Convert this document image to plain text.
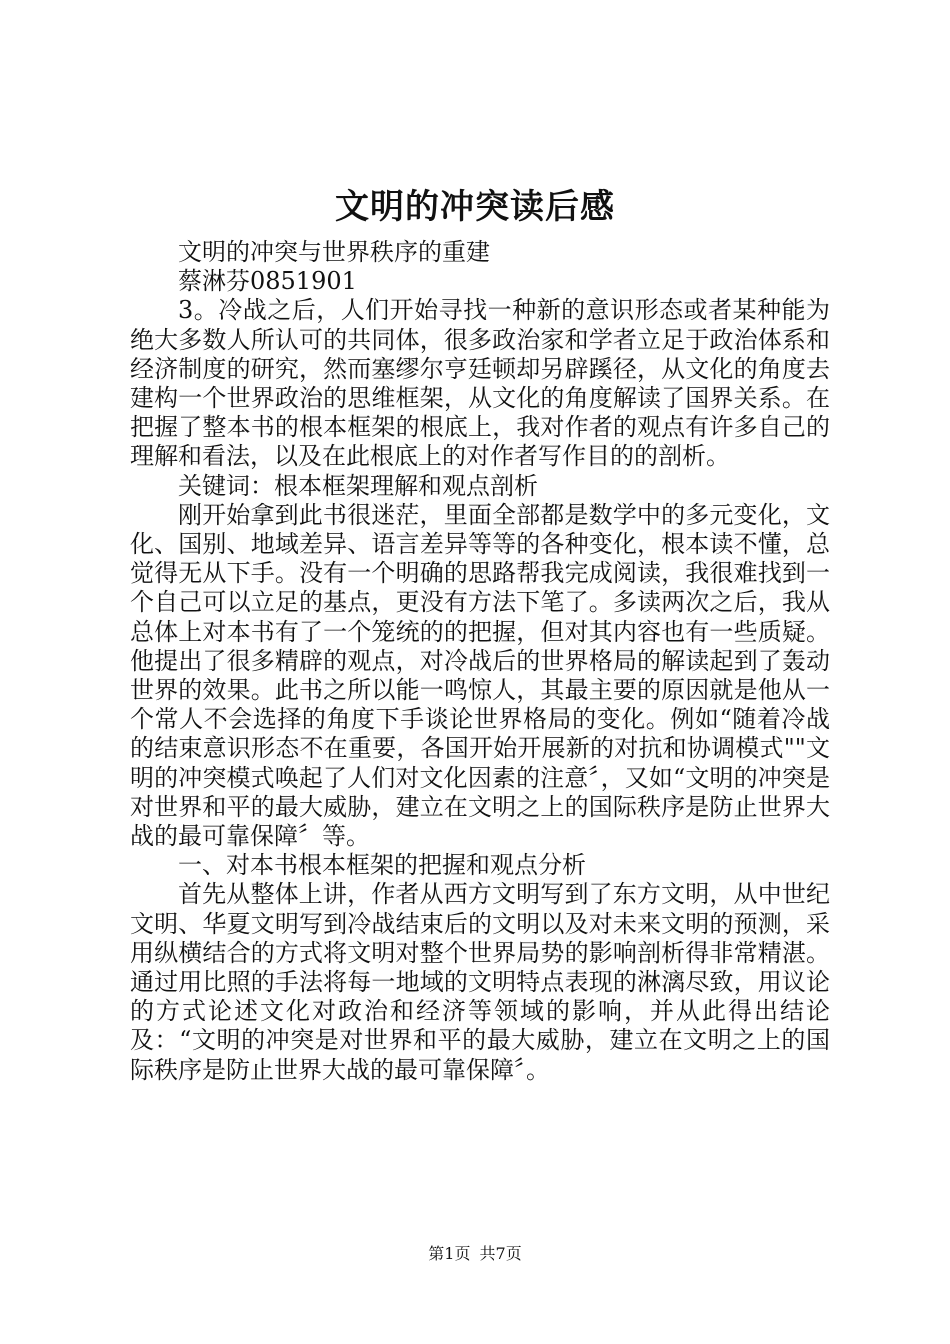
文明的冲突读后感

文明的冲突与世界秩序的重建

蔡淋芬0851901

3。冷战之后，人们开始寻找一种新的意识形态或者某种能为绝大多数人所认可的共同体，很多政治家和学者立足于政治体系和经济制度的研究，然而塞缪尔亨廷顿却另辟蹊径，从文化的角度去建构一个世界政治的思维框架，从文化的角度解读了国界关系。在把握了整本书的根本框架的根底上，我对作者的观点有许多自己的理解和看法，以及在此根底上的对作者写作目的的剖析。

关键词：根本框架理解和观点剖析

刚开始拿到此书很迷茫，里面全部都是数学中的多元变化，文化、国别、地域差异、语言差异等等的各种变化，根本读不懂，总觉得无从下手。没有一个明确的思路帮我完成阅读，我很难找到一个自己可以立足的基点，更没有方法下笔了。多读两次之后，我从总体上对本书有了一个笼统的的把握，但对其内容也有一些质疑。他提出了很多精辟的观点，对冷战后的世界格局的解读起到了轰动世界的效果。此书之所以能一鸣惊人，其最主要的原因就是他从一个常人不会选择的角度下手谈论世界格局的变化。例如“随着冷战的结束意识形态不在重要，各国开始开展新的对抗和协调模式""文明的冲突模式唤起了人们对文化因素的注意〞，又如“文明的冲突是对世界和平的最大威胁，建立在文明之上的国际秩序是防止世界大战的最可靠保障〞等。

一、对本书根本框架的把握和观点分析

首先从整体上讲，作者从西方文明写到了东方文明，从中世纪文明、华夏文明写到冷战结束后的文明以及对未来文明的预测，采用纵横结合的方式将文明对整个世界局势的影响剖析得非常精湛。通过用比照的手法将每一地域的文明特点表现的淋漓尽致，用议论的方式论述文化对政治和经济等领域的影响，并从此得出结论及：“文明的冲突是对世界和平的最大威胁，建立在文明之上的国际秩序是防止世界大战的最可靠保障〞。

第1页 共7页
